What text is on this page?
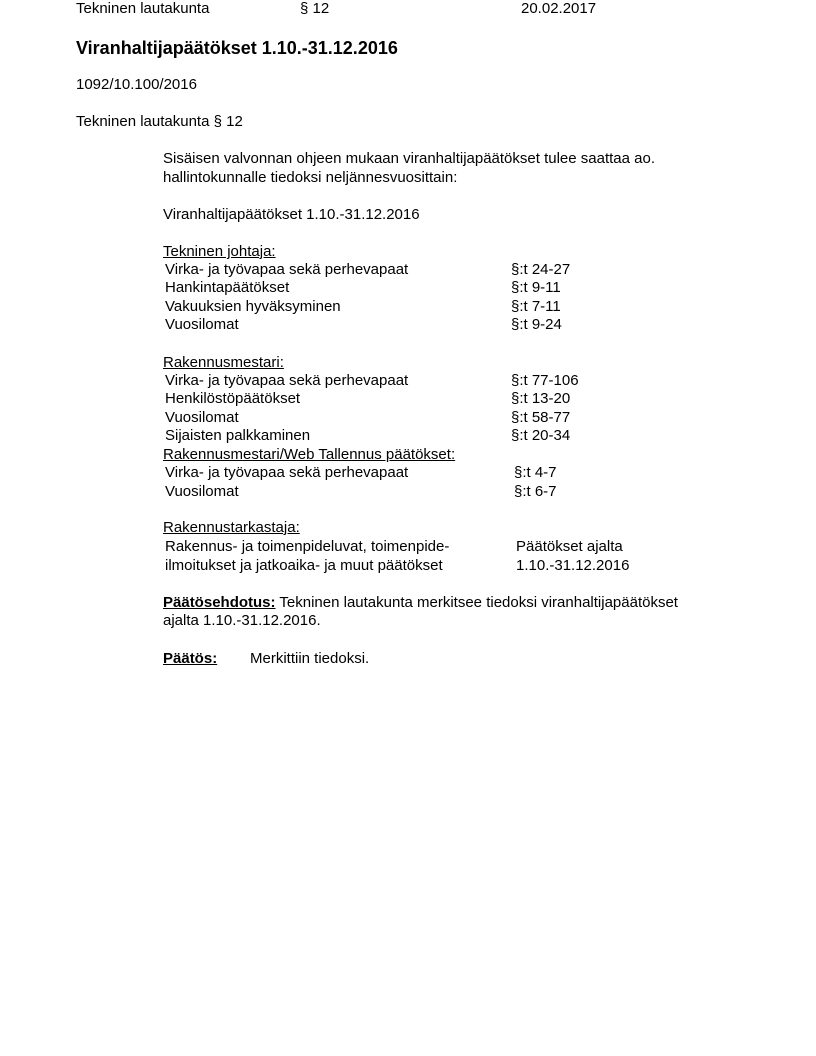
Tekninen lautakunta	§ 12	20.02.2017
Viranhaltijapäätökset 1.10.-31.12.2016
1092/10.100/2016
Tekninen lautakunta § 12
Sisäisen valvonnan ohjeen mukaan viranhaltijapäätökset tulee saattaa ao.
hallintokunnalle tiedoksi neljännesvuosittain:
Viranhaltijapäätökset 1.10.-31.12.2016
Tekninen johtaja:
Virka- ja työvapaa sekä perhevapaat	§:t 24-27
Hankintapäätökset	§:t 9-11
Vakuuksien hyväksyminen	§:t 7-11
Vuosilomat	§:t 9-24
Rakennusmestari:
Virka- ja työvapaa sekä perhevapaat	§:t 77-106
Henkilöstöpäätökset	§:t 13-20
Vuosilomat	§:t 58-77
Sijaisten palkkaminen	§:t 20-34
Rakennusmestari/Web Tallennus päätökset:
Virka- ja työvapaa sekä perhevapaat	§:t 4-7
Vuosilomat	§:t 6-7
Rakennustarkastaja:
Rakennus- ja toimenpideluvat, toimenpide-	Päätökset ajalta
ilmoitukset ja jatkoaika- ja muut päätökset	1.10.-31.12.2016
Päätösehdotus: Tekninen lautakunta merkitsee tiedoksi viranhaltijapäätökset
ajalta 1.10.-31.12.2016.
Päätös: Merkittiin tiedoksi.
